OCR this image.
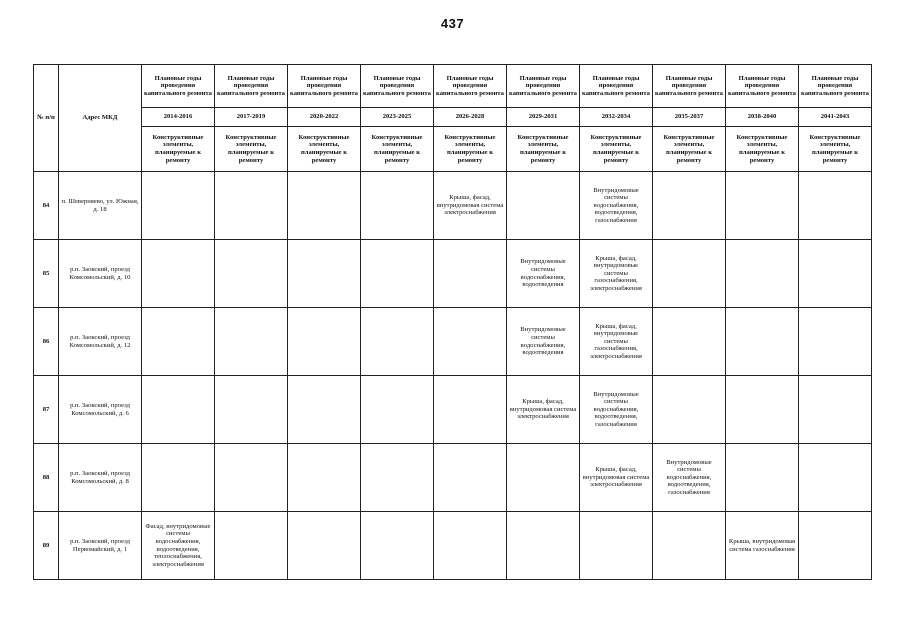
437
№ п/п	Адрес МКД	Плановые годы проведения капитального ремонта	Плановые годы проведения капитального ремонта	Плановые годы проведения капитального ремонта	Плановые годы проведения капитального ремонта	Плановые годы проведения капитального ремонта	Плановые годы проведения капитального ремонта	Плановые годы проведения капитального ремонта	Плановые годы проведения капитального ремонта	Плановые годы проведения капитального ремонта	Плановые годы проведения капитального ремонта
		2014-2016	2017-2019	2020-2022	2023-2025	2026-2028	2029-2031	2032-2034	2035-2037	2038-2040	2041-2043
		Конструктивные элементы, планируемые к ремонту	Конструктивные элементы, планируемые к ремонту	Конструктивные элементы, планируемые к ремонту	Конструктивные элементы, планируемые к ремонту	Конструктивные элементы, планируемые к ремонту	Конструктивные элементы, планируемые к ремонту	Конструктивные элементы, планируемые к ремонту	Конструктивные элементы, планируемые к ремонту	Конструктивные элементы, планируемые к ремонту	Конструктивные элементы, планируемые к ремонту
84	п. Шеверняево, ул. Южная, д. 18					Крыша, фасад, внутридомовая система электроснабжения		Внутридомовые системы водоснабжения, водоотведения, газоснабжения			
85	р.п. Заокский, проезд Комсомольский, д. 10						Внутридомовые системы водоснабжения, водоотведения	Крыша, фасад, внутридомовые системы газоснабжения, электроснабжения			
86	р.п. Заокский, проезд Комсомольский, д. 12						Внутридомовые системы водоснабжения, водоотведения	Крыша, фасад, внутридомовые системы газоснабжения, электроснабжения			
87	р.п. Заокский, проезд Комсомольский, д. 6						Крыша, фасад, внутридомовая система электроснабжения	Внутридомовые системы водоснабжения, водоотведения, газоснабжения			
88	р.п. Заокский, проезд Комсомольский, д. 8							Крыша, фасад, внутридомовая система электроснабжения	Внутридомовые системы водоснабжения, водоотведения, газоснабжения		
89	р.п. Заокский, проезд Первомайский, д. 1	Фасад, внутридомовые системы водоснабжения, водоотведения, теплоснабжения, электроснабжения								Крыша, внутридомовая система газоснабжения	
